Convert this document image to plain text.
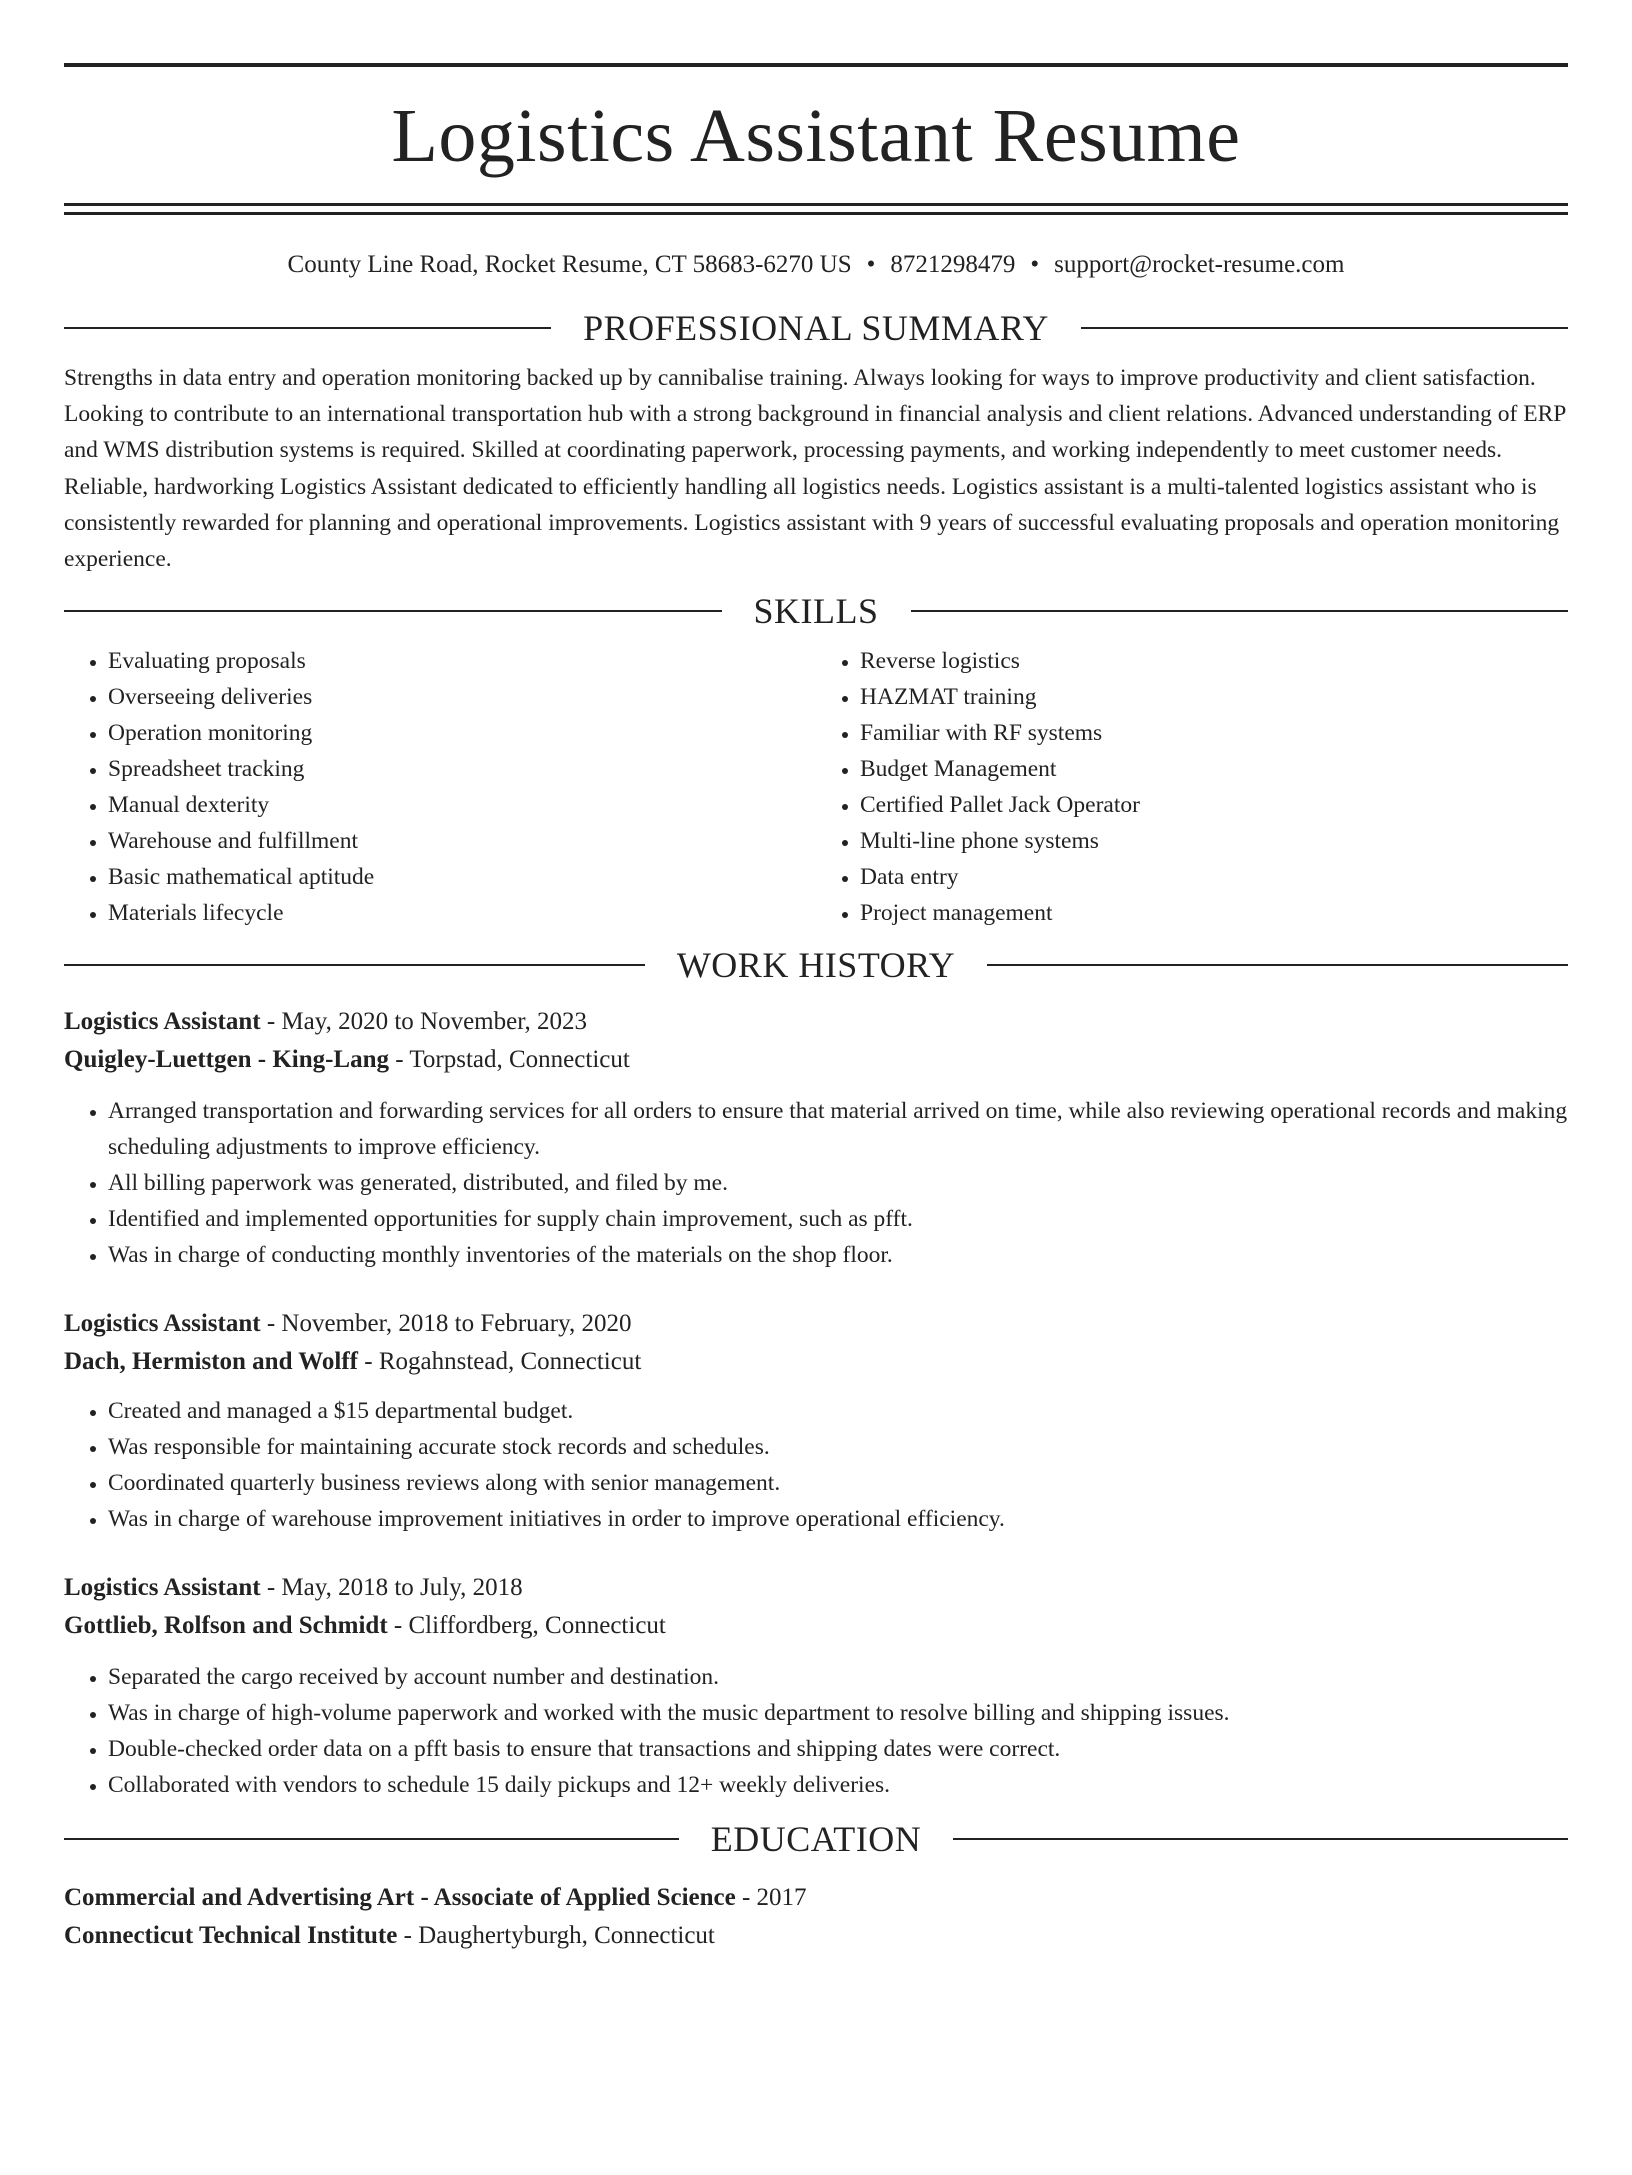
Logistics Assistant Resume
County Line Road, Rocket Resume, CT 58683-6270 US • 8721298479 • support@rocket-resume.com
PROFESSIONAL SUMMARY

Strengths in data entry and operation monitoring backed up by cannibalise training. Always looking for ways to improve productivity and client satisfaction. Looking to contribute to an international transportation hub with a strong background in financial analysis and client relations. Advanced understanding of ERP and WMS distribution systems is required. Skilled at coordinating paperwork, processing payments, and working independently to meet customer needs. Reliable, hardworking Logistics Assistant dedicated to efficiently handling all logistics needs. Logistics assistant is a multi-talented logistics assistant who is consistently rewarded for planning and operational improvements. Logistics assistant with 9 years of successful evaluating proposals and operation monitoring experience.

SKILLS
• Evaluating proposals
• Overseeing deliveries
• Operation monitoring
• Spreadsheet tracking
• Manual dexterity
• Warehouse and fulfillment
• Basic mathematical aptitude
• Materials lifecycle
• Reverse logistics
• HAZMAT training
• Familiar with RF systems
• Budget Management
• Certified Pallet Jack Operator
• Multi-line phone systems
• Data entry
• Project management
WORK HISTORY
Logistics Assistant - May, 2020 to November, 2023
Quigley-Luettgen - King-Lang - Torpstad, Connecticut
• Arranged transportation and forwarding services for all orders to ensure that material arrived on time, while also reviewing operational records and making scheduling adjustments to improve efficiency.
• All billing paperwork was generated, distributed, and filed by me.
• Identified and implemented opportunities for supply chain improvement, such as pfft.
• Was in charge of conducting monthly inventories of the materials on the shop floor.
Logistics Assistant - November, 2018 to February, 2020
Dach, Hermiston and Wolff - Rogahnstead, Connecticut
• Created and managed a $15 departmental budget.
• Was responsible for maintaining accurate stock records and schedules.
• Coordinated quarterly business reviews along with senior management.
• Was in charge of warehouse improvement initiatives in order to improve operational efficiency.
Logistics Assistant - May, 2018 to July, 2018
Gottlieb, Rolfson and Schmidt - Cliffordberg, Connecticut
• Separated the cargo received by account number and destination.
• Was in charge of high-volume paperwork and worked with the music department to resolve billing and shipping issues.
• Double-checked order data on a pfft basis to ensure that transactions and shipping dates were correct.
• Collaborated with vendors to schedule 15 daily pickups and 12+ weekly deliveries.
EDUCATION
Commercial and Advertising Art - Associate of Applied Science - 2017
Connecticut Technical Institute - Daughertyburgh, Connecticut
